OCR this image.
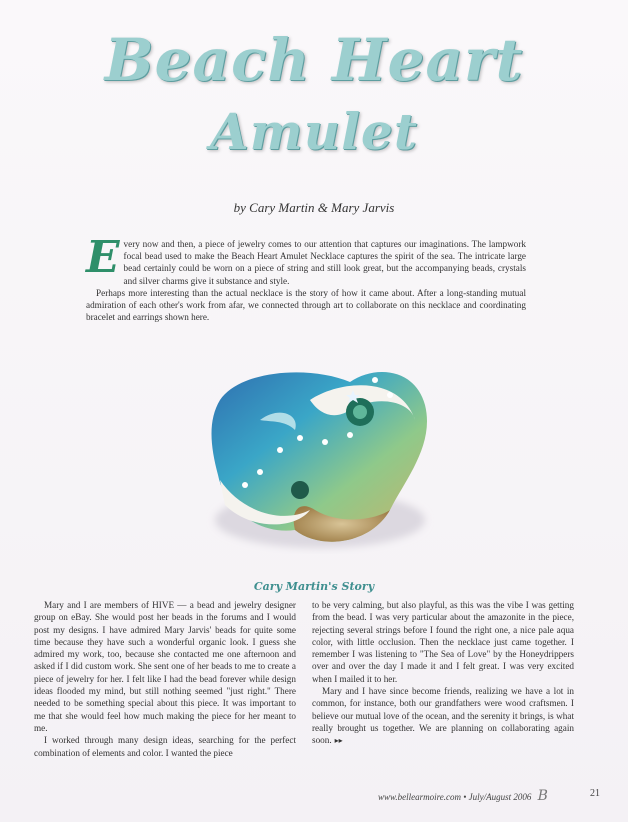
Beach Heart
Amulet
by Cary Martin & Mary Jarvis

Every now and then, a piece of jewelry comes to our attention that captures our imaginations. The lampwork focal bead used to make the Beach Heart Amulet Necklace captures the spirit of the sea. The intricate large bead certainly could be worn on a piece of string and still look great, but the accompanying beads, crystals and silver charms give it substance and style.

Perhaps more interesting than the actual necklace is the story of how it came about. After a long-standing mutual admiration of each other's work from afar, we connected through art to collaborate on this necklace and coordinating bracelet and earrings shown here.

Cary Martin's Story

Mary and I are members of HIVE — a bead and jewelry designer group on eBay. She would post her beads in the forums and I would post my designs. I have admired Mary Jarvis' beads for quite some time because they have such a wonderful organic look. I guess she admired my work, too, because she contacted me one afternoon and asked if I did custom work. She sent one of her beads to me to create a piece of jewelry for her. I felt like I had the bead forever while design ideas flooded my mind, but still nothing seemed "just right." There needed to be something special about this piece. It was important to me that she would feel how much making the piece for her meant to me.

I worked through many design ideas, searching for the perfect combination of elements and color. I wanted the piece

to be very calming, but also playful, as this was the vibe I was getting from the bead. I was very particular about the amazonite in the piece, rejecting several strings before I found the right one, a nice pale aqua color, with little occlusion. Then the necklace just came together. I remember I was listening to "The Sea of Love" by the Honeydrippers over and over the day I made it and I felt great. I was very excited when I mailed it to her.

Mary and I have since become friends, realizing we have a lot in common, for instance, both our grandfathers were wood craftsmen. I believe our mutual love of the ocean, and the serenity it brings, is what really brought us together. We are planning on collaborating again soon. ▸▸

www.bellearmoire.com • July/August 2006 B	21
